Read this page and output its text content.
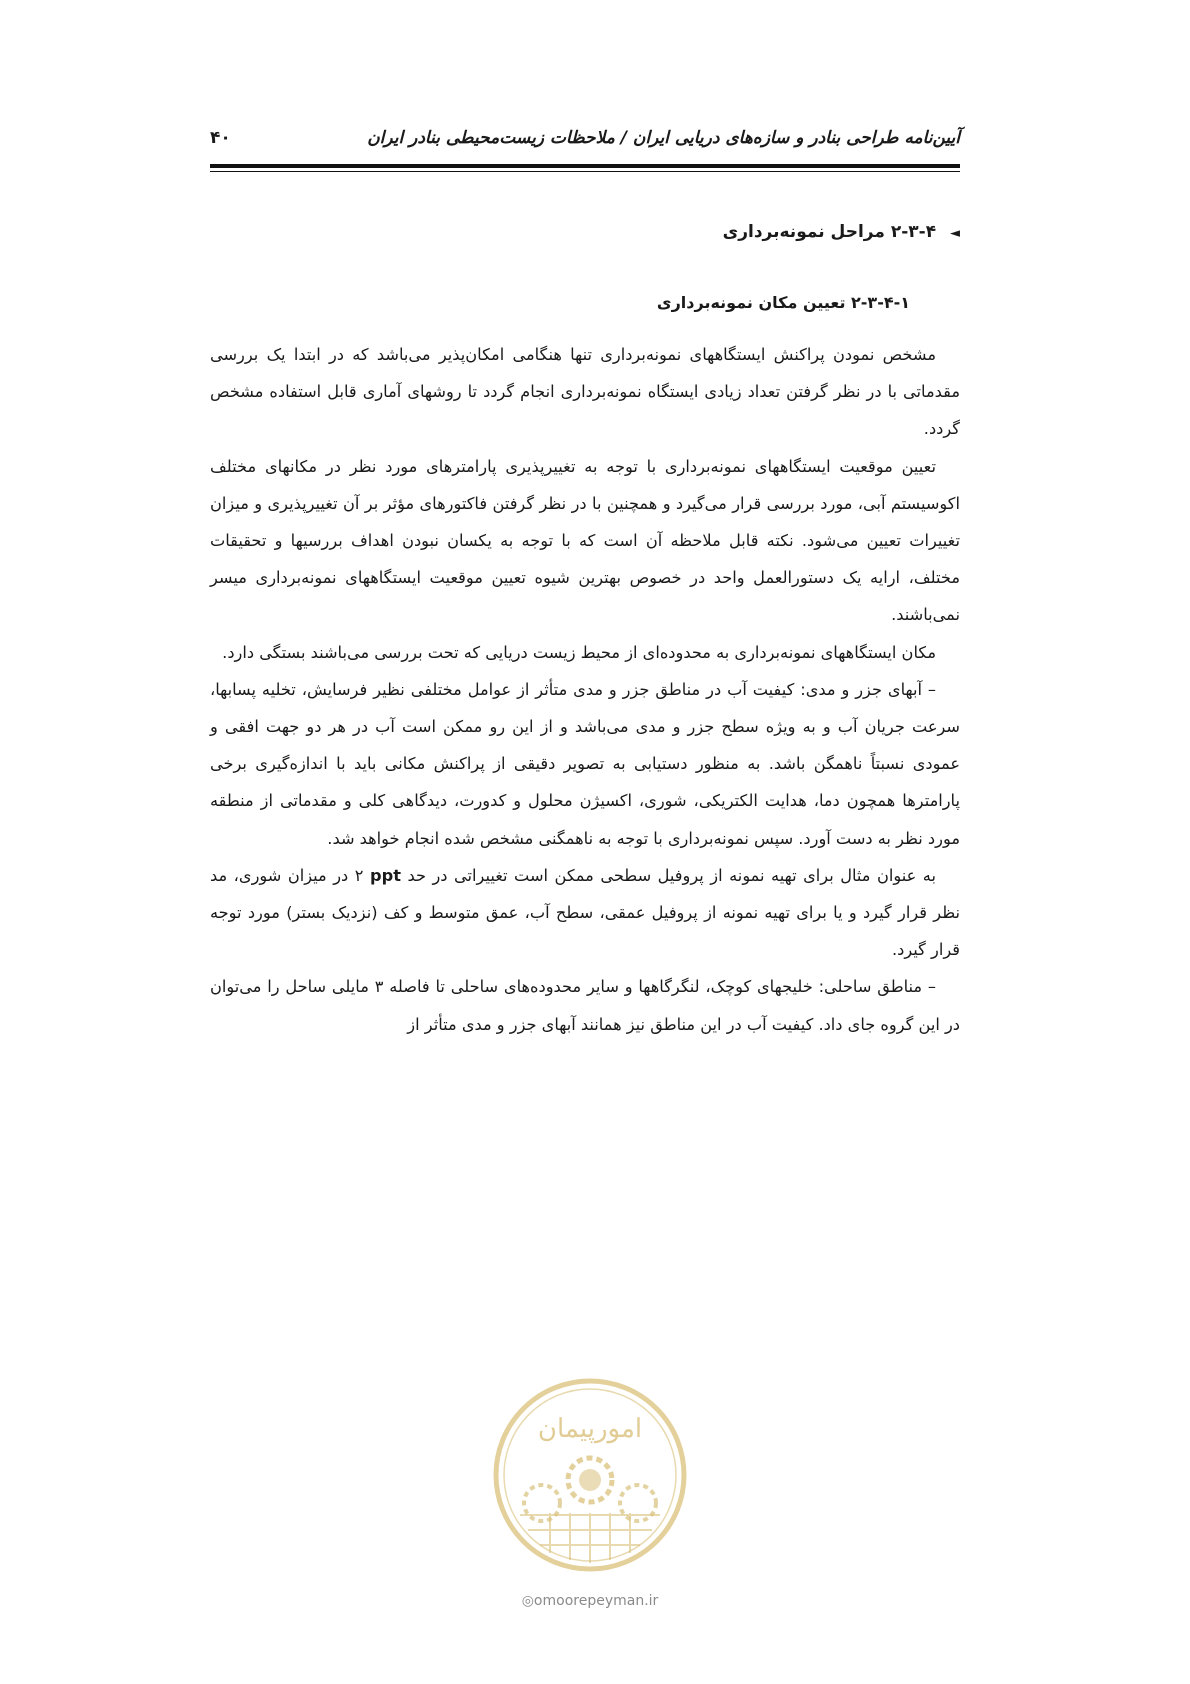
۴۰	آیین‌نامه طراحی بنادر و سازه‌های دریایی ایران / ملاحظات زیست‌محیطی بنادر ایران
◄ ۲-۳-۴ مراحل نمونه‌برداری
۲-۳-۴-۱ تعیین مکان نمونه‌برداری

مشخص نمودن پراکنش ایستگاههای نمونه‌برداری تنها هنگامی امکان‌پذیر می‌باشد که در ابتدا یک بررسی مقدماتی با در نظر گرفتن تعداد زیادی ایستگاه نمونه‌برداری انجام گردد تا روشهای آماری قابل استفاده مشخص گردد.

تعیین موقعیت ایستگاههای نمونه‌برداری با توجه به تغییرپذیری پارامترهای مورد نظر در مکانهای مختلف اکوسیستم آبی، مورد بررسی قرار می‌گیرد و همچنین با در نظر گرفتن فاکتورهای مؤثر بر آن تغییرپذیری و میزان تغییرات تعیین می‌شود. نکته قابل ملاحظه آن است که با توجه به یکسان نبودن اهداف بررسیها و تحقیقات مختلف، ارایه یک دستورالعمل واحد در خصوص بهترین شیوه تعیین موقعیت ایستگاههای نمونه‌برداری میسر نمی‌باشند.

مکان ایستگاههای نمونه‌برداری به محدوده‌ای از محیط زیست دریایی که تحت بررسی می‌باشند بستگی دارد.

– آبهای جزر و مدی: کیفیت آب در مناطق جزر و مدی متأثر از عوامل مختلفی نظیر فرسایش، تخلیه پسابها، سرعت جریان آب و به ویژه سطح جزر و مدی می‌باشد و از این رو ممکن است آب در هر دو جهت افقی و عمودی نسبتاً ناهمگن باشد. به منظور دستیابی به تصویر دقیقی از پراکنش مکانی باید با اندازه‌گیری برخی پارامترها همچون دما، هدایت الکتریکی، شوری، اکسیژن محلول و کدورت، دیدگاهی کلی و مقدماتی از منطقه مورد نظر به دست آورد. سپس نمونه‌برداری با توجه به ناهمگنی مشخص شده انجام خواهد شد.

به عنوان مثال برای تهیه نمونه از پروفیل سطحی ممکن است تغییراتی در حد ppt ۲ در میزان شوری، مد نظر قرار گیرد و یا برای تهیه نمونه از پروفیل عمقی، سطح آب، عمق متوسط و کف (نزدیک بستر) مورد توجه قرار گیرد.

– مناطق ساحلی: خلیجهای کوچک، لنگرگاهها و سایر محدوده‌های ساحلی تا فاصله ۳ مایلی ساحل را می‌توان در این گروه جای داد. کیفیت آب در این مناطق نیز همانند آبهای جزر و مدی متأثر از

امورپیمان
◎omoorepeyman.ir
